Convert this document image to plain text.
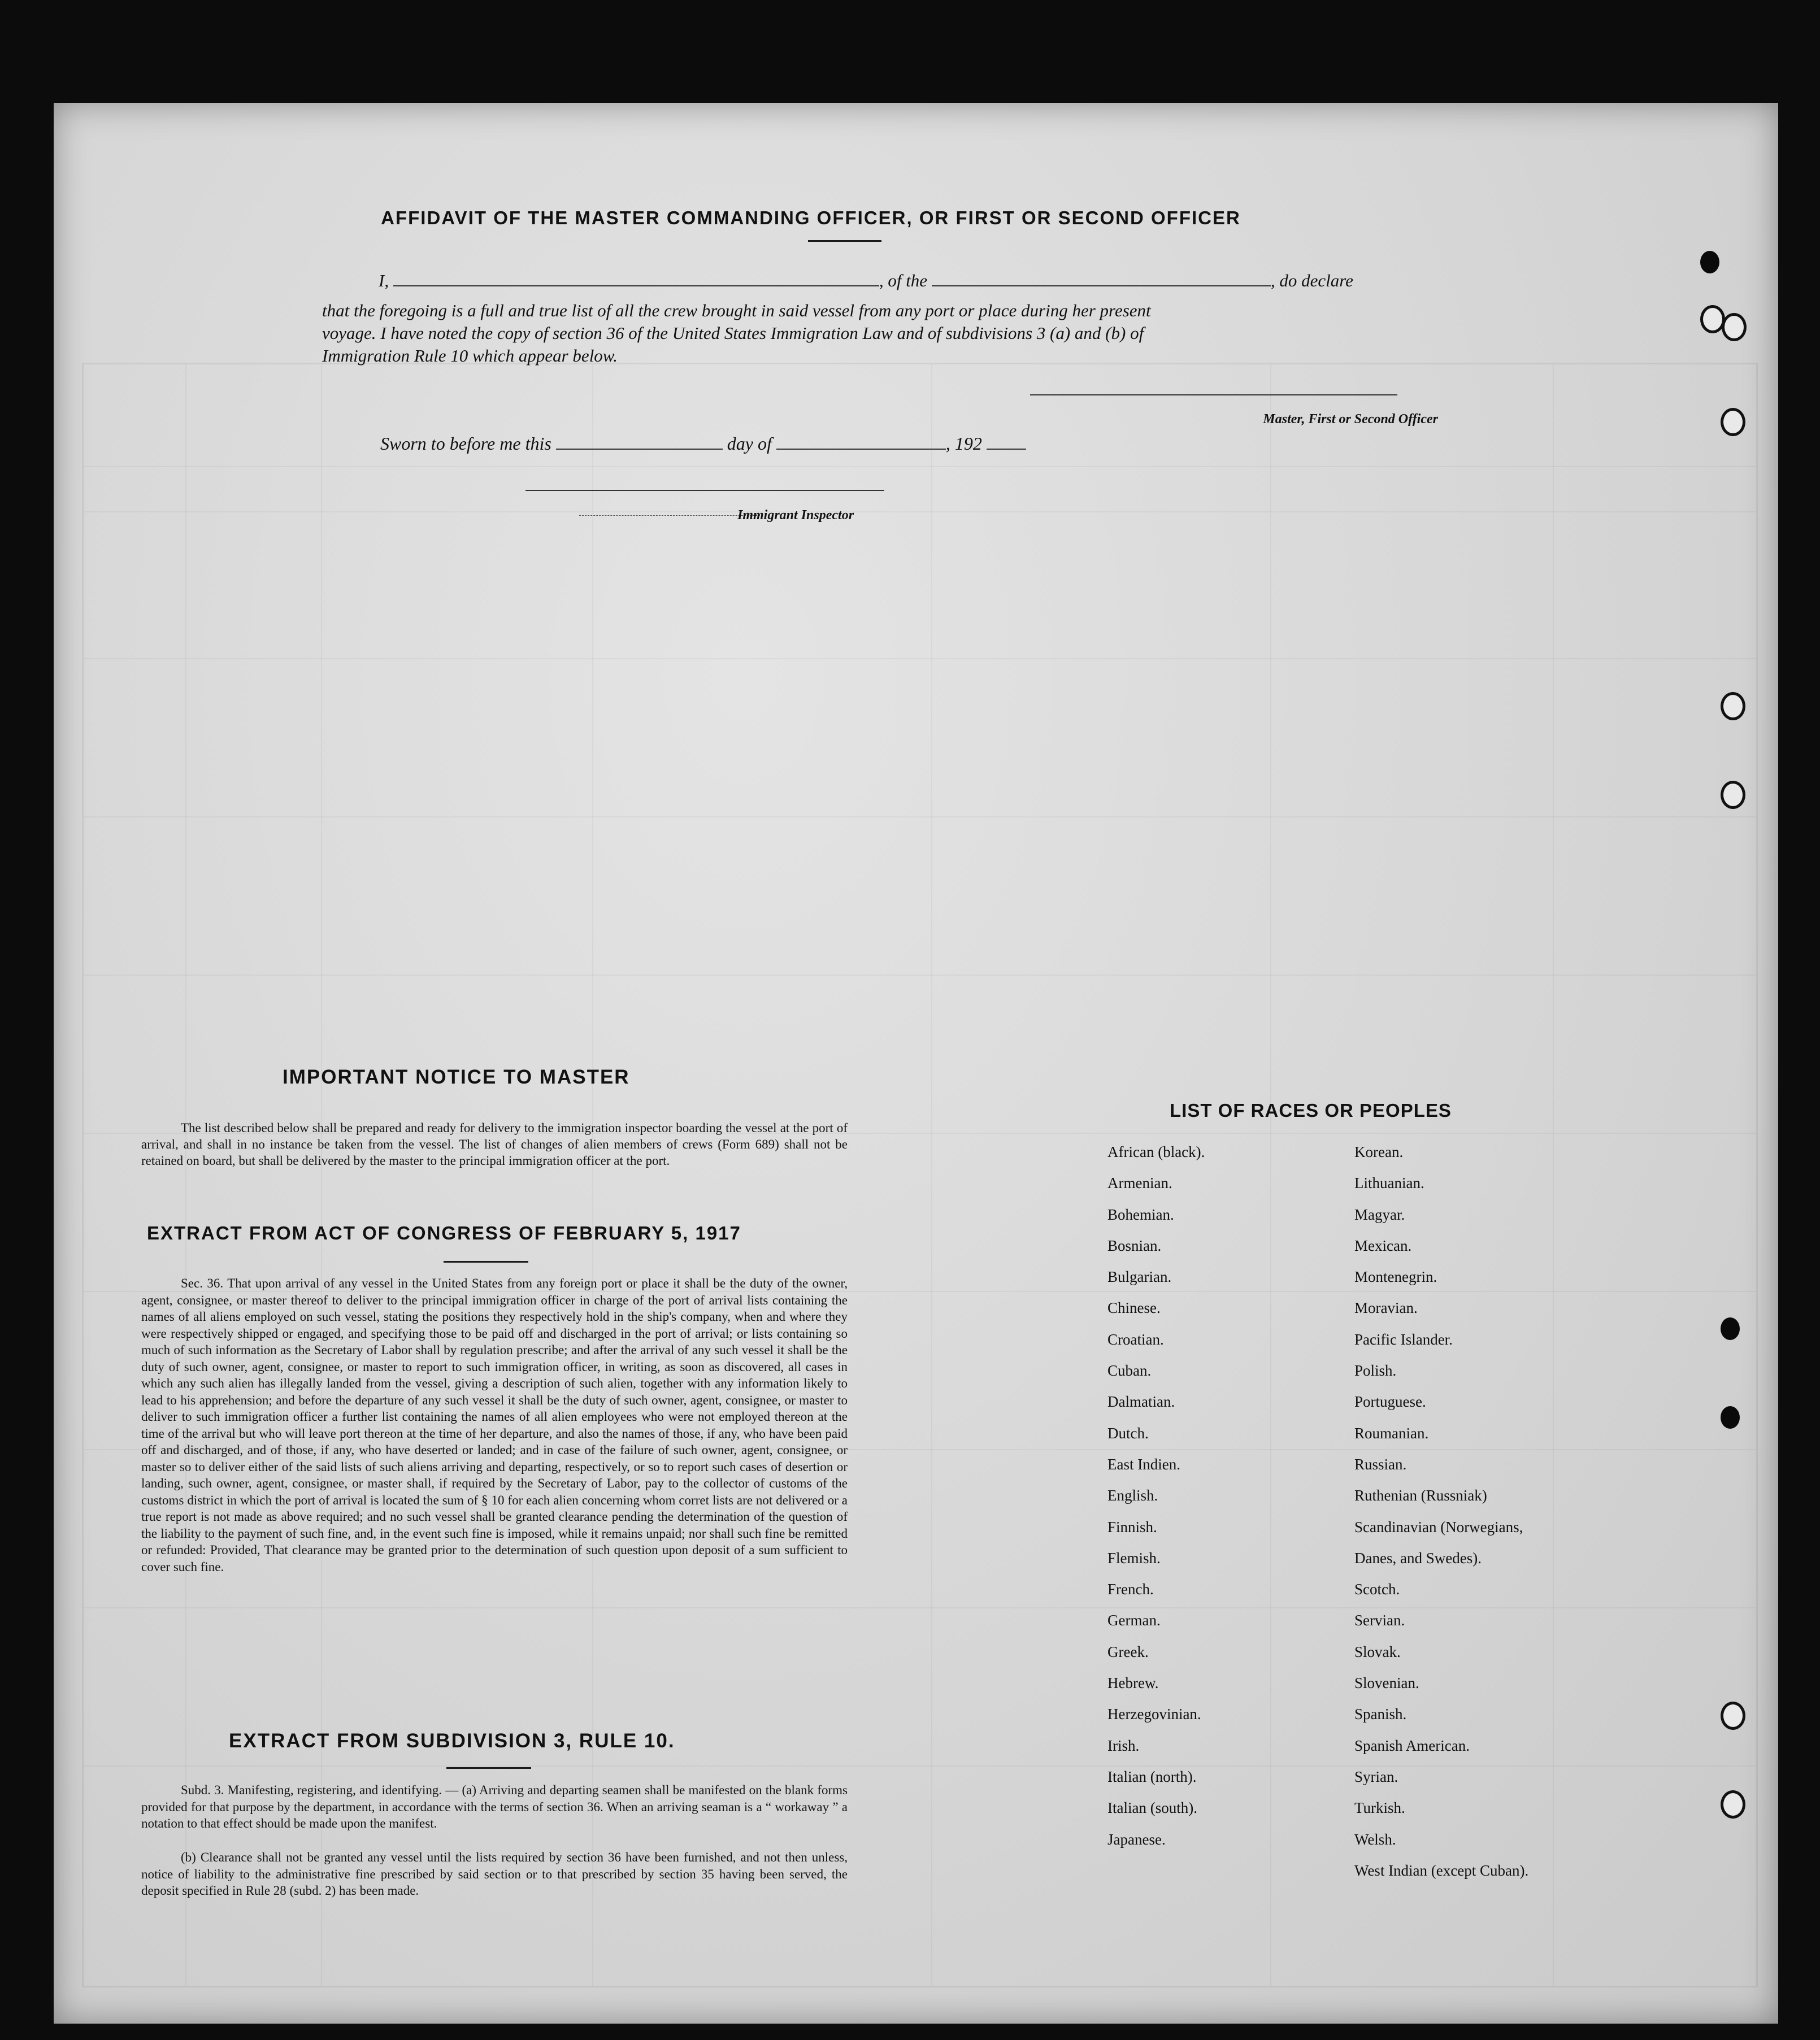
AFFIDAVIT OF THE MASTER COMMANDING OFFICER, OR FIRST OR SECOND OFFICER
I,	, of the	, do declare
that the foregoing is a full and true list of all the crew brought in said vessel from any port or place during her present
voyage. I have noted the copy of section 36 of the United States Immigration Law and of subdivisions 3 (a) and (b) of
Immigration Rule 10 which appear below.
Master, First or Second Officer
Sworn to before me this	day of	, 192
Immigrant Inspector
IMPORTANT NOTICE TO MASTER
The list described below shall be prepared and ready for delivery to the immigration inspector boarding the vessel at the port of arrival, and shall in no instance be taken from the vessel. The list of changes of alien members of crews (Form 689) shall not be retained on board, but shall be delivered by the master to the principal immigration officer at the port.
EXTRACT FROM ACT OF CONGRESS OF FEBRUARY 5, 1917
Sec. 36. That upon arrival of any vessel in the United States from any foreign port or place it shall be the duty of the owner, agent, consignee, or master thereof to deliver to the principal immigration officer in charge of the port of arrival lists containing the names of all aliens employed on such vessel, stating the positions they respectively hold in the ship's company, when and where they were respectively shipped or engaged, and specifying those to be paid off and discharged in the port of arrival; or lists containing so much of such information as the Secretary of Labor shall by regulation prescribe; and after the arrival of any such vessel it shall be the duty of such owner, agent, consignee, or master to report to such immigration officer, in writing, as soon as discovered, all cases in which any such alien has illegally landed from the vessel, giving a description of such alien, together with any information likely to lead to his apprehension; and before the departure of any such vessel it shall be the duty of such owner, agent, consignee, or master to deliver to such immigration officer a further list containing the names of all alien employees who were not employed thereon at the time of the arrival but who will leave port thereon at the time of her departure, and also the names of those, if any, who have been paid off and discharged, and of those, if any, who have deserted or landed; and in case of the failure of such owner, agent, consignee, or master so to deliver either of the said lists of such aliens arriving and departing, respectively, or so to report such cases of desertion or landing, such owner, agent, consignee, or master shall, if required by the Secretary of Labor, pay to the collector of customs of the customs district in which the port of arrival is located the sum of § 10 for each alien concerning whom corret lists are not delivered or a true report is not made as above required; and no such vessel shall be granted clearance pending the determination of the question of the liability to the payment of such fine, and, in the event such fine is imposed, while it remains unpaid; nor shall such fine be remitted or refunded: Provided, That clearance may be granted prior to the determination of such question upon deposit of a sum sufficient to cover such fine.
EXTRACT FROM SUBDIVISION 3, RULE 10.
Subd. 3. Manifesting, registering, and identifying. — (a) Arriving and departing seamen shall be manifested on the blank forms provided for that purpose by the department, in accordance with the terms of section 36. When an arriving seaman is a “ workaway ” a notation to that effect should be made upon the manifest.
(b) Clearance shall not be granted any vessel until the lists required by section 36 have been furnished, and not then unless, notice of liability to the administrative fine prescribed by said section or to that prescribed by section 35 having been served, the deposit specified in Rule 28 (subd. 2) has been made.
LIST OF RACES OR PEOPLES
African (black).
Armenian.
Bohemian.
Bosnian.
Bulgarian.
Chinese.
Croatian.
Cuban.
Dalmatian.
Dutch.
East Indien.
English.
Finnish.
Flemish.
French.
German.
Greek.
Hebrew.
Herzegovinian.
Irish.
Italian (north).
Italian (south).
Japanese.
Korean.
Lithuanian.
Magyar.
Mexican.
Montenegrin.
Moravian.
Pacific Islander.
Polish.
Portuguese.
Roumanian.
Russian.
Ruthenian (Russniak)
Scandinavian (Norwegians,
Danes, and Swedes).
Scotch.
Servian.
Slovak.
Slovenian.
Spanish.
Spanish American.
Syrian.
Turkish.
Welsh.
West Indian (except Cuban).
